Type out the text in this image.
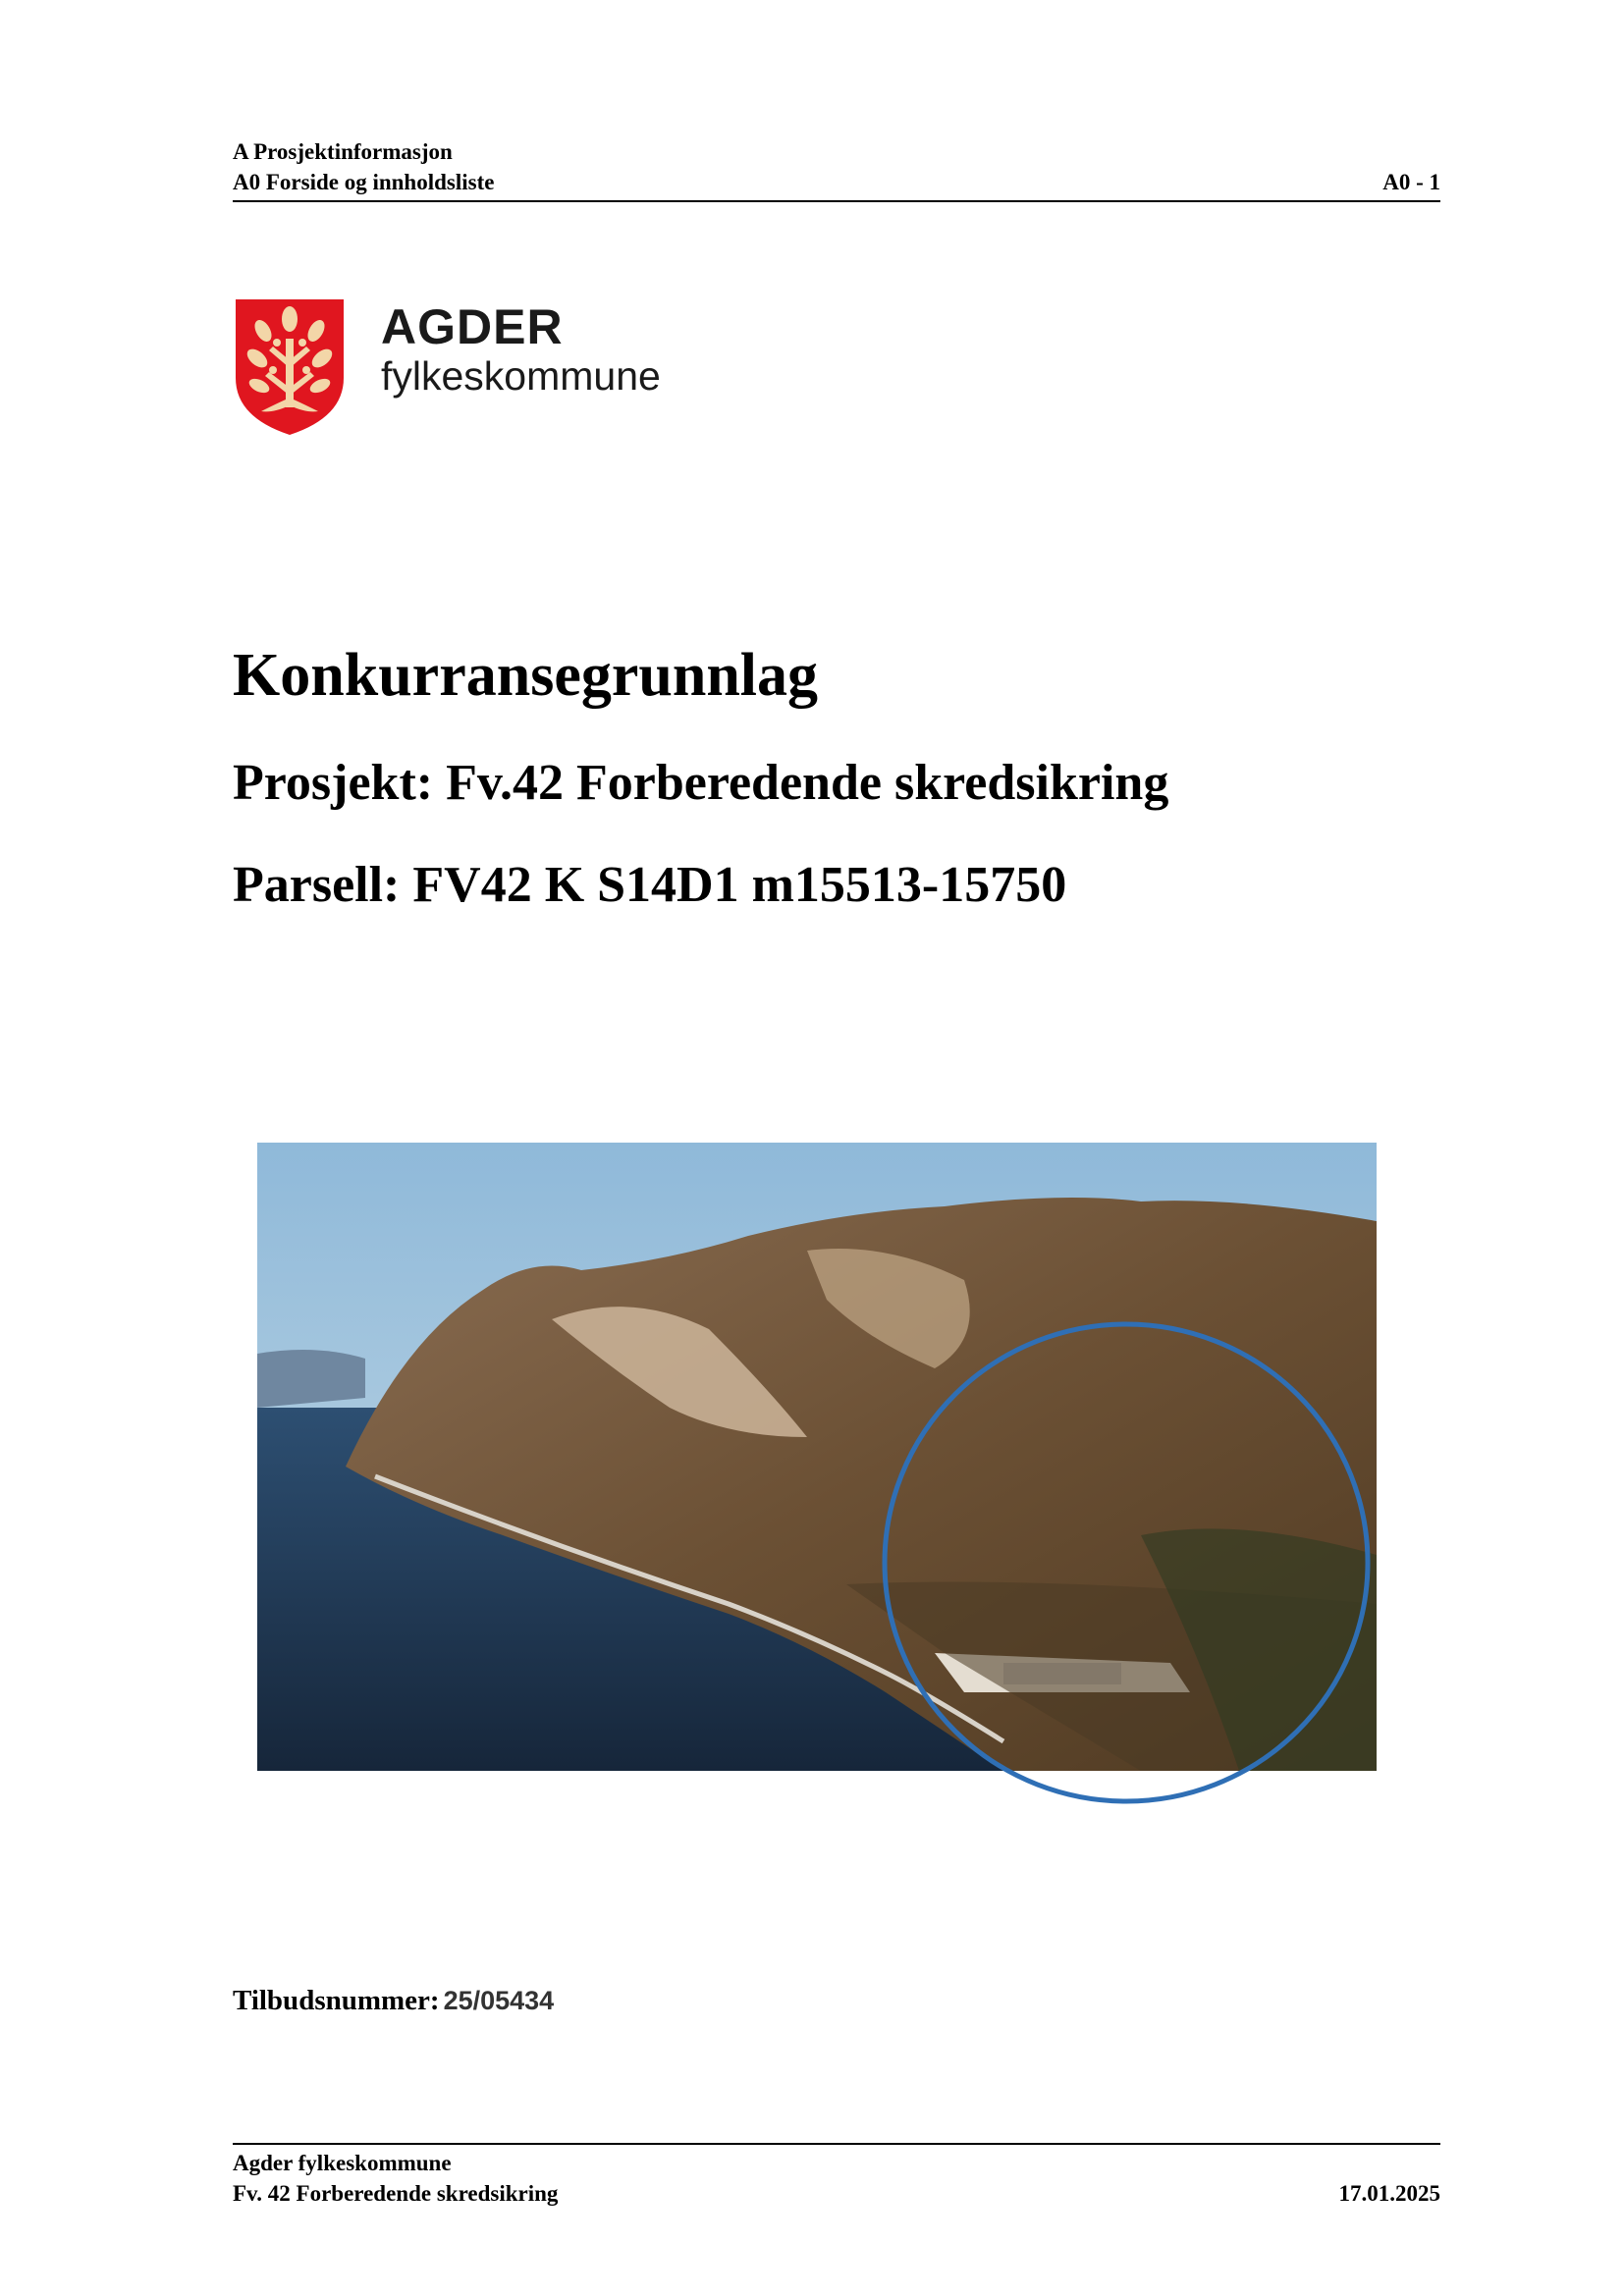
A Prosjektinformasjon
A0 Forside og innholdsliste	A0 - 1
AGDER
fylkeskommune
Konkurransegrunnlag
Prosjekt: Fv.42 Forberedende skredsikring
Parsell: FV42 K S14D1 m15513-15750
Tilbudsnummer: 25/05434
Agder fylkeskommune
Fv. 42 Forberedende skredsikring	17.01.2025
